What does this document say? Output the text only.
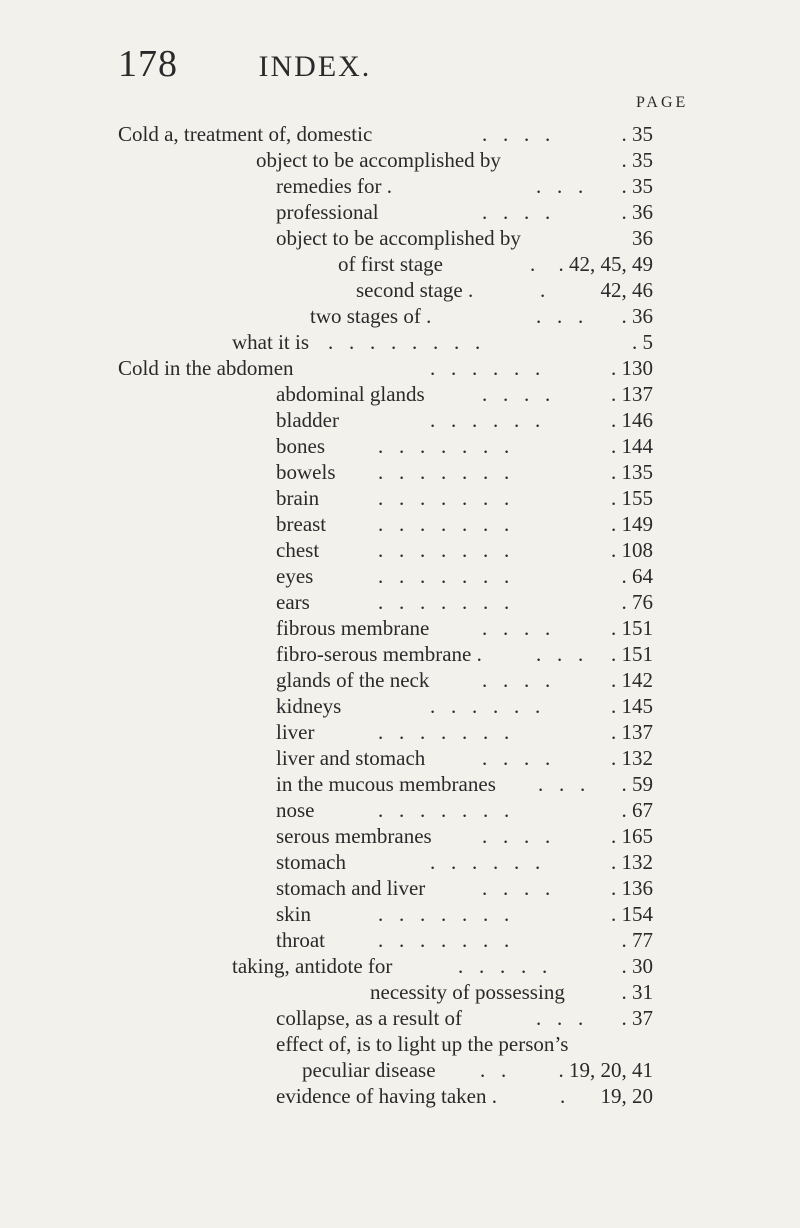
178	INDEX.
PAGE
Cold a, treatment of, domestic	. . . .	. 35
object to be accomplished by	. 35
remedies for .	. . . . 35
professional	. . . .	. 36
object to be accomplished by	36
of first stage	. . 42, 45, 49
second stage .	. 42, 46
two stages of .	. . . . 36
what it is . . . . . . . .	. 5
Cold in the abdomen	. . . . . .	. 130
abdominal glands	. . . .	. 137
bladder	. . . . . .	. 146
bones	. . . . . . .	. 144
bowels . . . . . . .	. 135
brain	. . . . . . .	. 155
breast . . . . . . .	. 149
chest	. . . . . . .	. 108
eyes	. . . . . . .	. 64
ears	. . . . . . .	. 76
fibrous membrane	. . . .	. 151
fibro-serous membrane .	. . . . 151
glands of the neck	. . . .	. 142
kidneys	. . . . . .	. 145
liver	. . . . . . .	. 137
liver and stomach	. . . .	. 132
in the mucous membranes . . . . 59
nose	. . . . . . .	. 67
serous membranes . . . .	. 165
stomach	. . . . . .	. 132
stomach and liver	. . . .	. 136
skin	. . . . . . .	. 154
throat	. . . . . . .	. 77
taking, antidote for	. . . . .	. 30
necessity of possessing	. 31
collapse, as a result of	. . . . 37
effect of, is to light up the person’s
peculiar disease . . . 19, 20, 41
evidence of having taken .	. 19, 20
